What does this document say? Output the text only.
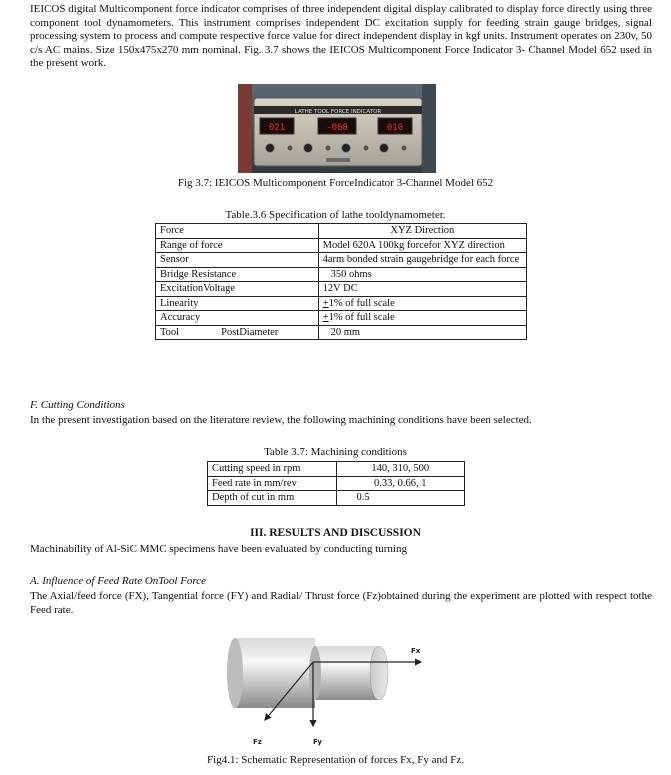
IEICOS digital Multicomponent force indicator comprises of three independent digital display calibrated to display force directly using three component tool dynamometers. This instrument comprises independent DC excitation supply for feeding strain gauge bridges, signal processing system to process and compute respective force value for direct independent display in kgf units. Instrument operates on 230v, 50 c/s AC mains. Size 150x475x270 mm nominal. Fig. 3.7 shows the IEICOS Multicomponent Force Indicator 3- Channel Model 652 used in the present work.

LATHE TOOL FORCE INDICATOR
021	-008	010

Fig 3.7: IEICOS Multicomponent ForceIndicator 3-Channel Model 652

Table.3.6 Specification of lathe tooldynamometer.

Force	XYZ Direction
Range of force	Model 620A 100kg forcefor XYZ direction
Sensor	4arm bonded strain gaugebridge for each force
Bridge Resistance	350 ohms
ExcitationVoltage	12V DC
Linearity	+1% of full scale
Accuracy	+1% of full scale
Tool PostDiameter	20 mm
F. Cutting Conditions

In the present investigation based on the literature review, the following machining conditions have been selected.

Table 3.7: Machining conditions

Cutting speed in rpm	140, 310, 500
Feed rate in mm/rev	0.33, 0.66, 1
Depth of cut in mm	0.5
III. RESULTS AND DISCUSSION

Machinability of Al-SiC MMC specimens have been evaluated by conducting turning

A. Influence of Feed Rate OnTool Force

The Axial/feed force (FX), Tangential force (FY) and Radial/ Thrust force (Fz)obtained during the experiment are plotted with respect tothe Feed rate.

Fx
Fz	Fy

Fig4.1: Schematic Representation of forces Fx, Fy and Fz.
